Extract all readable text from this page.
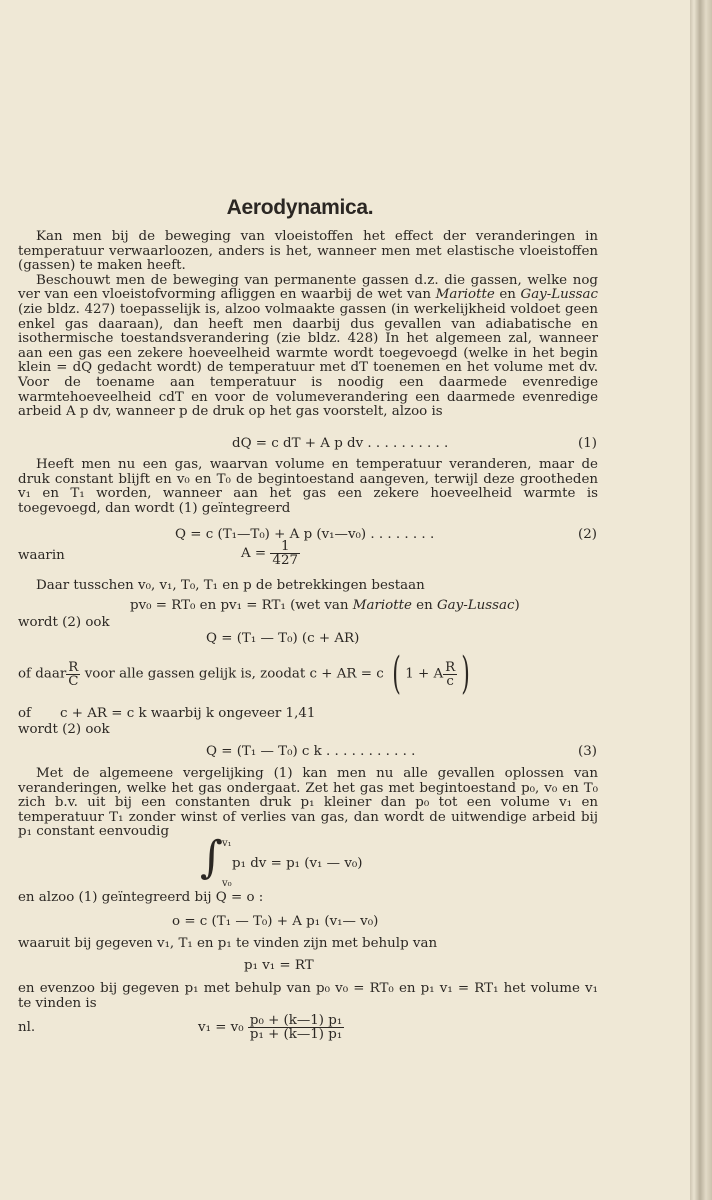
Aerodynamica.

Kan men bij de beweging van vloeistoffen het effect der veranderingen in temperatuur verwaarloozen, anders is het, wanneer men met elastische vloeistoffen (gassen) te maken heeft.

Beschouwt men de beweging van permanente gassen d.z. die gassen, welke nog ver van een vloeistofvorming afliggen en waarbij de wet van Mariotte en Gay-Lussac (zie bldz. 427) toepasselijk is, alzoo volmaakte gassen (in werkelijkheid voldoet geen enkel gas daaraan), dan heeft men daarbij dus gevallen van adiabatische en isothermische toestandsverandering (zie bldz. 428) In het algemeen zal, wanneer aan een gas een zekere hoeveelheid warmte wordt toegevoegd (welke in het begin klein = dQ gedacht wordt) de temperatuur met dT toenemen en het volume met dv. Voor de toename aan temperatuur is noodig een daarmede evenredige warmtehoeveelheid cdT en voor de volumeverandering een daarmede evenredige arbeid A p dv, wanneer p de druk op het gas voorstelt, alzoo is

dQ = c dT + A p dv . . . . . . . . . .	(1)

Heeft men nu een gas, waarvan volume en temperatuur veranderen, maar de druk constant blijft en v₀ en T₀ de begintoestand aangeven, terwijl deze grootheden v₁ en T₁ worden, wanneer aan het gas een zekere hoeveelheid warmte is toegevoegd, dan wordt (1) geïntegreerd

Q = c (T₁—T₀) + A p (v₁—v₀) . . . . . . . .	(2)
waarin	$A = \frac{1}{427}$
Daar tusschen v₀, v₁, T₀, T₁ en p de betrekkingen bestaan
pv₀ = RT₀ en pv₁ = RT₁ (wet van Mariotte en Gay-Lussac)
wordt (2) ook
Q = (T₁ — T₀) (c + AR)
of daar $\frac{R}{C}$ voor alle gassen gelijk is, zoodat c + AR = c ( 1 + A $\frac{R}{c}$ )
of c + AR = c k waarbij k ongeveer 1,41
wordt (2) ook
Q = (T₁ — T₀) c k . . . . . . . . . . .	(3)

Met de algemeene vergelijking (1) kan men nu alle gevallen oplossen van veranderingen, welke het gas ondergaat. Zet het gas met begintoestand p₀, v₀ en T₀ zich b.v. uit bij een constanten druk p₁ kleiner dan p₀ tot een volume v₁ en temperatuur T₁ zonder winst of verlies van gas, dan wordt de uitwendige arbeid bij p₁ constant eenvoudig

∫ v₁
v₀
p₁ dv = p₁ (v₁ — v₀)
en alzoo (1) geïntegreerd bij Q = o :
o = c (T₁ — T₀) + A p₁ (v₁— v₀)
waaruit bij gegeven v₁, T₁ en p₁ te vinden zijn met behulp van
p₁ v₁ = RT

en evenzoo bij gegeven p₁ met behulp van p₀ v₀ = RT₀ en p₁ v₁ = RT₁ het volume v₁ te vinden is

nl.	$v_1 = v_0 \frac{\text{p₀ + (k—1) p₁}}{\text{p₁ + (k—1) p₁}}$
